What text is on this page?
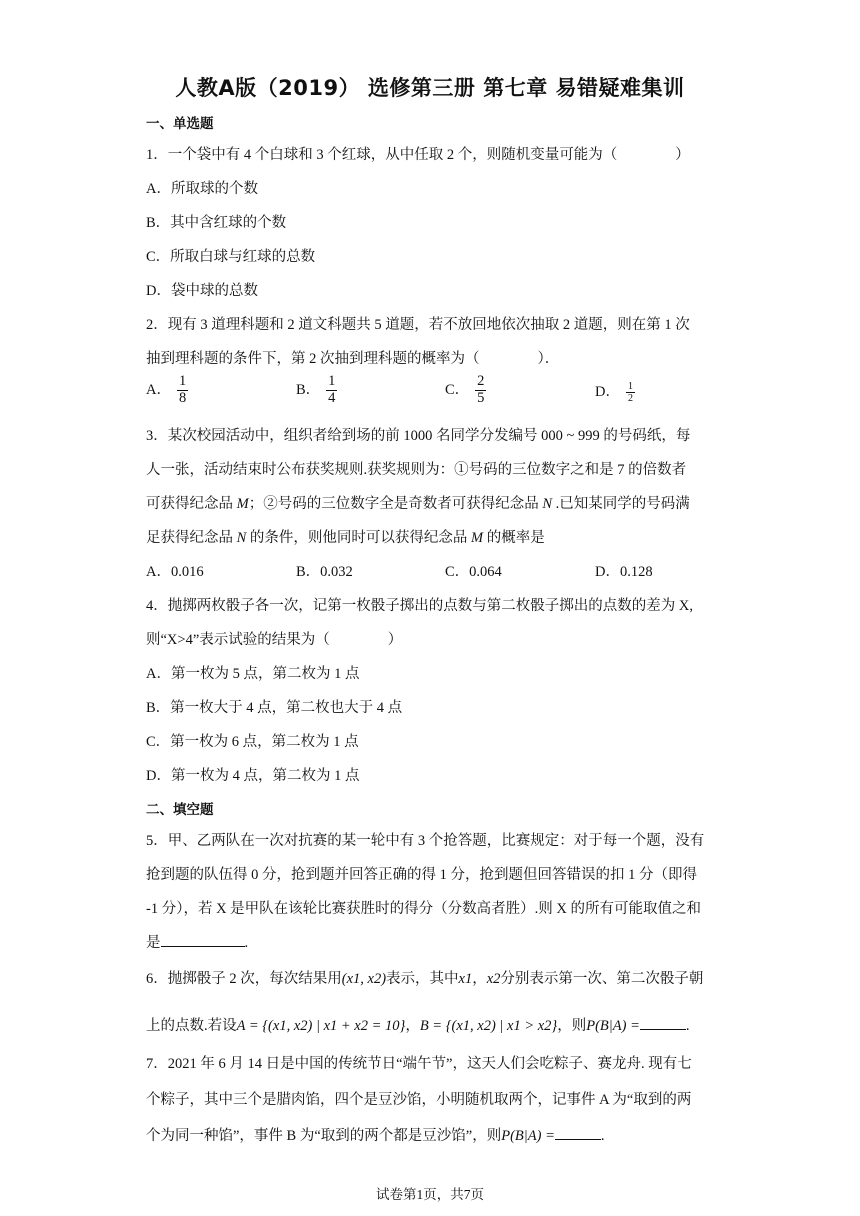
人教A版（2019） 选修第三册 第七章 易错疑难集训
一、单选题
1．一个袋中有 4 个白球和 3 个红球，从中任取 2 个，则随机变量可能为（　　　　）
A．所取球的个数
B．其中含红球的个数
C．所取白球与红球的总数
D．袋中球的总数
2．现有 3 道理科题和 2 道文科题共 5 道题，若不放回地依次抽取 2 道题，则在第 1 次
抽到理科题的条件下，第 2 次抽到理科题的概率为（　　　　）．
A． $\frac{1}{8}$	B． $\frac{1}{4}$	C． $\frac{2}{5}$	D． $\frac{1}{2}$
3．某次校园活动中，组织者给到场的前 1000 名同学分发编号 000 ~ 999 的号码纸，每
人一张，活动结束时公布获奖规则.获奖规则为：①号码的三位数字之和是 7 的倍数者
可获得纪念品 M；②号码的三位数字全是奇数者可获得纪念品 N .已知某同学的号码满
足获得纪念品 N 的条件，则他同时可以获得纪念品 M 的概率是
A．0.016	B．0.032	C．0.064	D．0.128
4．抛掷两枚骰子各一次，记第一枚骰子掷出的点数与第二枚骰子掷出的点数的差为 X,
则“X>4”表示试验的结果为（　　　　）
A．第一枚为 5 点，第二枚为 1 点
B．第一枚大于 4 点，第二枚也大于 4 点
C．第一枚为 6 点，第二枚为 1 点
D．第一枚为 4 点，第二枚为 1 点
二、填空题
5．甲、乙两队在一次对抗赛的某一轮中有 3 个抢答题，比赛规定：对于每一个题，没有
抢到题的队伍得 0 分，抢到题并回答正确的得 1 分，抢到题但回答错误的扣 1 分（即得
-1 分），若 X 是甲队在该轮比赛获胜时的得分（分数高者胜）.则 X 的所有可能取值之和
是	.
6．抛掷骰子 2 次，每次结果用(x1, x2)表示，其中x1，x2分别表示第一次、第二次骰子朝
上的点数.若设A = {(x1, x2) | x1 + x2 = 10}，B = {(x1, x2) | x1 > x2}，则P(B|A) =	.
7．2021 年 6 月 14 日是中国的传统节日“端午节”，这天人们会吃粽子、赛龙舟. 现有七
个粽子，其中三个是腊肉馅，四个是豆沙馅，小明随机取两个，记事件 A 为“取到的两
个为同一种馅”，事件 B 为“取到的两个都是豆沙馅”，则P(B|A) =	.
试卷第1页，共7页
